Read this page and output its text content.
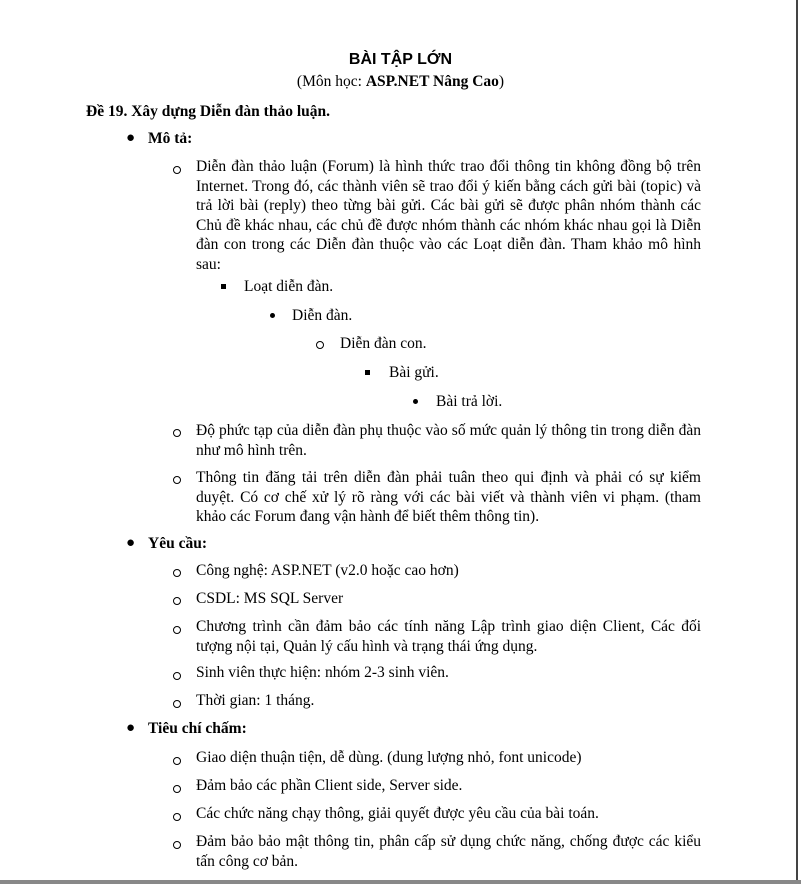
BÀI TẬP LỚN
(Môn học: ASP.NET Nâng Cao)
Đề 19. Xây dựng Diễn đàn thảo luận.
● Mô tả:
Diễn đàn thảo luận (Forum) là hình thức trao đổi thông tin không đồng bộ trên Internet. Trong đó, các thành viên sẽ trao đổi ý kiến bằng cách gửi bài (topic) và trả lời bài (reply) theo từng bài gửi. Các bài gửi sẽ được phân nhóm thành các Chủ đề khác nhau, các chủ đề được nhóm thành các nhóm khác nhau gọi là Diễn đàn con trong các Diễn đàn thuộc vào các Loạt diễn đàn. Tham khảo mô hình sau:
Loạt diễn đàn.
Diễn đàn.
Diễn đàn con.
Bài gửi.
Bài trả lời.
Độ phức tạp của diễn đàn phụ thuộc vào số mức quản lý thông tin trong diễn đàn như mô hình trên.
Thông tin đăng tải trên diễn đàn phải tuân theo qui định và phải có sự kiểm duyệt. Có cơ chế xử lý rõ ràng với các bài viết và thành viên vi phạm. (tham khảo các Forum đang vận hành để biết thêm thông tin).
● Yêu cầu:
Công nghệ: ASP.NET (v2.0 hoặc cao hơn)
CSDL: MS SQL Server
Chương trình cần đảm bảo các tính năng Lập trình giao diện Client, Các đối tượng nội tại, Quản lý cấu hình và trạng thái ứng dụng.
Sinh viên thực hiện: nhóm 2-3 sinh viên.
Thời gian: 1 tháng.
● Tiêu chí chấm:
Giao diện thuận tiện, dễ dùng. (dung lượng nhỏ, font unicode)
Đảm bảo các phần Client side, Server side.
Các chức năng chạy thông, giải quyết được yêu cầu của bài toán.
Đảm bảo bảo mật thông tin, phân cấp sử dụng chức năng, chống được các kiểu tấn công cơ bản.
